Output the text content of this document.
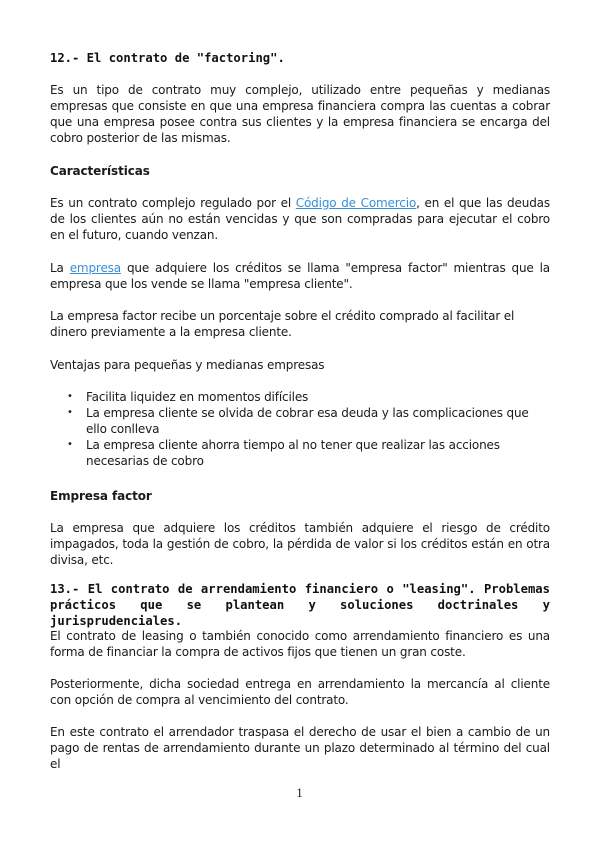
12.- El contrato de "factoring".
Es un tipo de contrato muy complejo, utilizado entre pequeñas y medianas empresas que consiste en que una empresa financiera compra las cuentas a cobrar que una empresa posee contra sus clientes y la empresa financiera se encarga del cobro posterior de las mismas.
Características
Es un contrato complejo regulado por el Código de Comercio, en el que las deudas de los clientes aún no están vencidas y que son compradas para ejecutar el cobro en el futuro, cuando venzan.
La empresa que adquiere los créditos se llama "empresa factor" mientras que la empresa que los vende se llama "empresa cliente".
La empresa factor recibe un porcentaje sobre el crédito comprado al facilitar el dinero previamente a la empresa cliente.
Ventajas para pequeñas y medianas empresas
• Facilita liquidez en momentos difíciles
• La empresa cliente se olvida de cobrar esa deuda y las complicaciones que ello conlleva
• La empresa cliente ahorra tiempo al no tener que realizar las acciones necesarias de cobro
Empresa factor
La empresa que adquiere los créditos también adquiere el riesgo de crédito impagados, toda la gestión de cobro, la pérdida de valor si los créditos están en otra divisa, etc.
13.- El contrato de arrendamiento financiero o "leasing". Problemas prácticos que se plantean y soluciones doctrinales y jurisprudenciales.
El contrato de leasing o también conocido como arrendamiento financiero es una forma de financiar la compra de activos fijos que tienen un gran coste.
Posteriormente, dicha sociedad entrega en arrendamiento la mercancía al cliente con opción de compra al vencimiento del contrato.
En este contrato el arrendador traspasa el derecho de usar el bien a cambio de un pago de rentas de arrendamiento durante un plazo determinado al término del cual el
1
